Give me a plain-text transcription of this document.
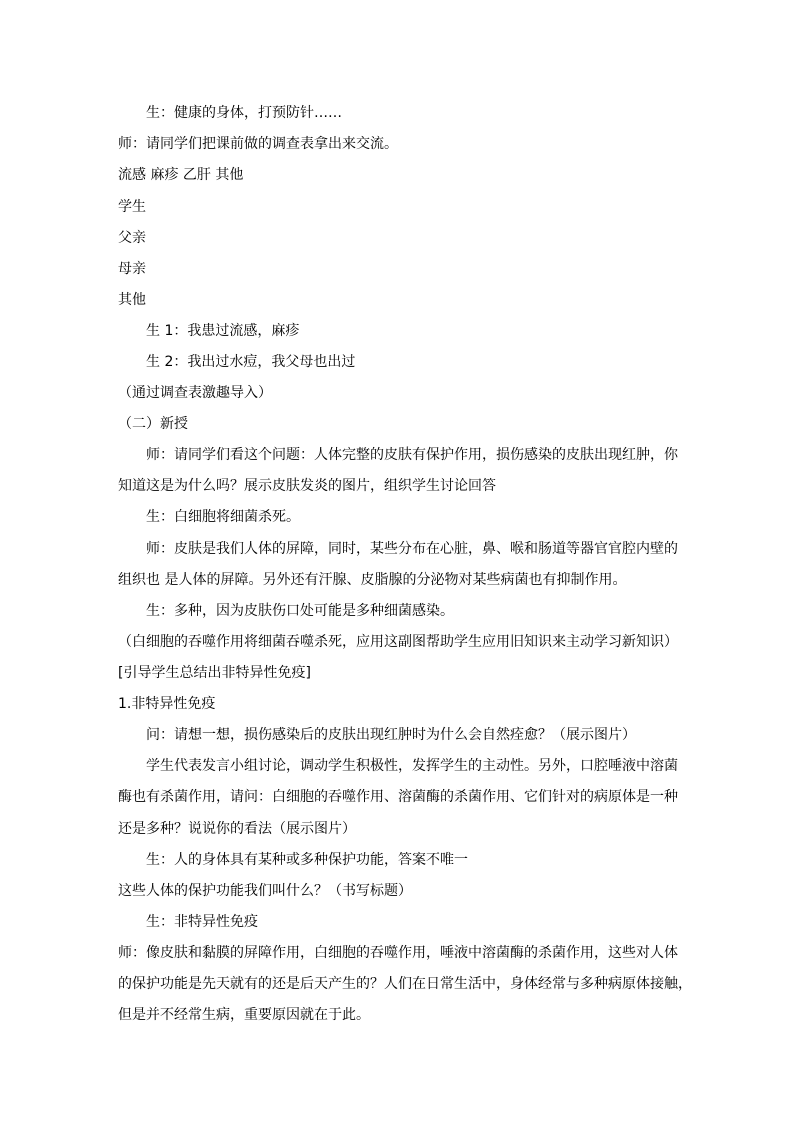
生：健康的身体，打预防针……
师：请同学们把课前做的调查表拿出来交流。
流感 麻疹 乙肝 其他
学生
父亲
母亲
其他
生 1：我患过流感，麻疹
生 2：我出过水痘，我父母也出过
（通过调查表激趣导入）
（二）新授
师：请同学们看这个问题：人体完整的皮肤有保护作用，损伤感染的皮肤出现红肿，你
知道这是为什么吗？展示皮肤发炎的图片，组织学生讨论回答
生：白细胞将细菌杀死。
师：皮肤是我们人体的屏障，同时，某些分布在心脏，鼻、喉和肠道等器官官腔内壁的
组织也 是人体的屏障。另外还有汗腺、皮脂腺的分泌物对某些病菌也有抑制作用。
生：多种，因为皮肤伤口处可能是多种细菌感染。
（白细胞的吞噬作用将细菌吞噬杀死，应用这副图帮助学生应用旧知识来主动学习新知识）
[引导学生总结出非特异性免疫]
1.非特异性免疫
问：请想一想，损伤感染后的皮肤出现红肿时为什么会自然痊愈？（展示图片）
学生代表发言小组讨论，调动学生积极性，发挥学生的主动性。另外，口腔唾液中溶菌
酶也有杀菌作用，请问：白细胞的吞噬作用、溶菌酶的杀菌作用、它们针对的病原体是一种
还是多种？说说你的看法（展示图片）
生：人的身体具有某种或多种保护功能，答案不唯一
这些人体的保护功能我们叫什么？（书写标题）
生：非特异性免疫
师：像皮肤和黏膜的屏障作用，白细胞的吞噬作用，唾液中溶菌酶的杀菌作用，这些对人体
的保护功能是先天就有的还是后天产生的？人们在日常生活中，身体经常与多种病原体接触，
但是并不经常生病，重要原因就在于此。
